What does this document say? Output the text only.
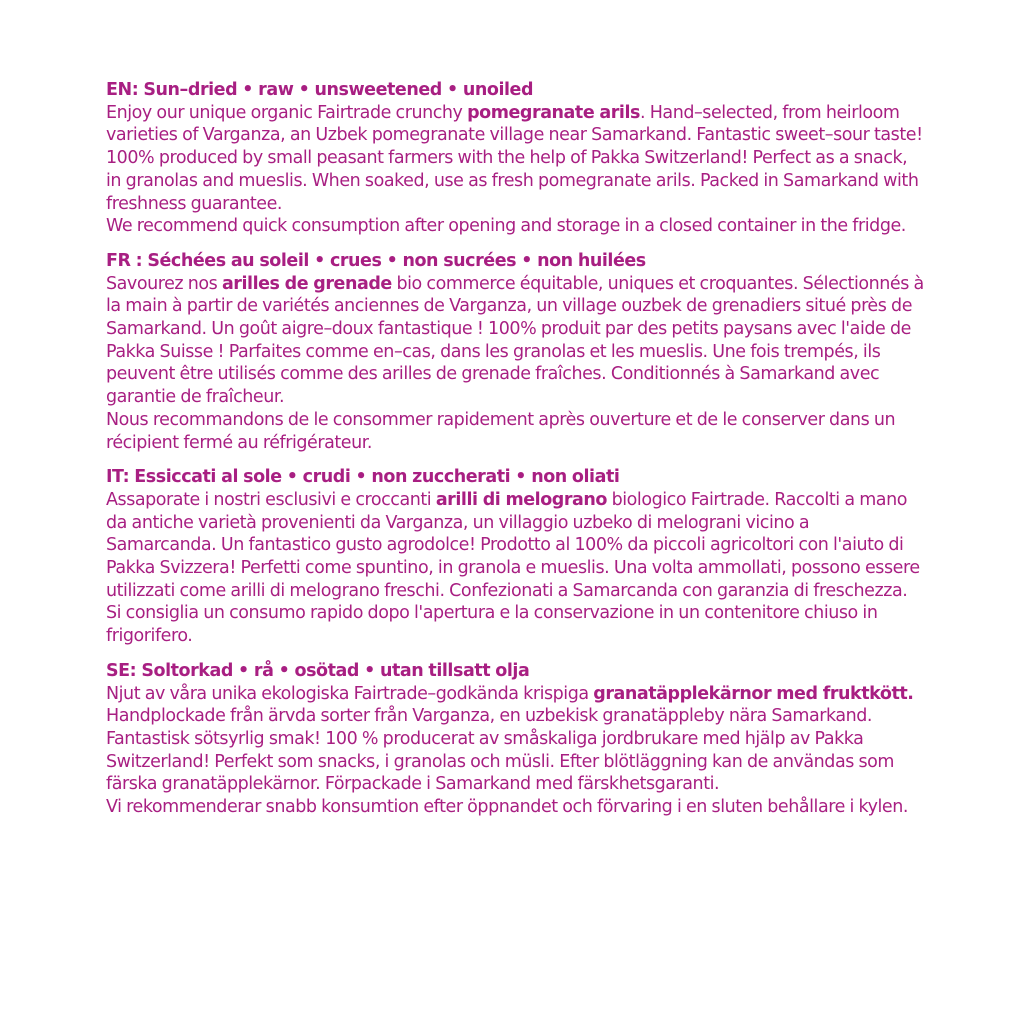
EN: Sun–dried • raw • unsweetened • unoiled

Enjoy our unique organic Fairtrade crunchy pomegranate arils. Hand–selected, from heirloom varieties of Varganza, an Uzbek pomegranate village near Samarkand. Fantastic sweet–sour taste! 100% produced by small peasant farmers with the help of Pakka Switzerland! Perfect as a snack, in granolas and mueslis. When soaked, use as fresh pomegranate arils. Packed in Samarkand with freshness guarantee.

We recommend quick consumption after opening and storage in a closed container in the fridge.

FR : Séchées au soleil • crues • non sucrées • non huilées

Savourez nos arilles de grenade bio commerce équitable, uniques et croquantes. Sélectionnés à la main à partir de variétés anciennes de Varganza, un village ouzbek de grenadiers situé près de Samarkand. Un goût aigre–doux fantastique ! 100% produit par des petits paysans avec l'aide de Pakka Suisse ! Parfaites comme en–cas, dans les granolas et les mueslis. Une fois trempés, ils peuvent être utilisés comme des arilles de grenade fraîches. Conditionnés à Samarkand avec garantie de fraîcheur.

Nous recommandons de le consommer rapidement après ouverture et de le conserver dans un récipient fermé au réfrigérateur.

IT: Essiccati al sole • crudi • non zuccherati • non oliati

Assaporate i nostri esclusivi e croccanti arilli di melograno biologico Fairtrade. Raccolti a mano da antiche varietà provenienti da Varganza, un villaggio uzbeko di melograni vicino a Samarcanda. Un fantastico gusto agrodolce! Prodotto al 100% da piccoli agricoltori con l'aiuto di Pakka Svizzera! Perfetti come spuntino, in granola e mueslis. Una volta ammollati, possono essere utilizzati come arilli di melograno freschi. Confezionati a Samarcanda con garanzia di freschezza.

Si consiglia un consumo rapido dopo l'apertura e la conservazione in un contenitore chiuso in frigorifero.

SE: Soltorkad • rå • osötad • utan tillsatt olja

Njut av våra unika ekologiska Fairtrade–godkända krispiga granatäpplekärnor med fruktkött. Handplockade från ärvda sorter från Varganza, en uzbekisk granatäppleby nära Samarkand. Fantastisk sötsyrlig smak! 100 % producerat av småskaliga jordbrukare med hjälp av Pakka Switzerland! Perfekt som snacks, i granolas och müsli. Efter blötläggning kan de användas som färska granatäpplekärnor. Förpackade i Samarkand med färskhetsgaranti.

Vi rekommenderar snabb konsumtion efter öppnandet och förvaring i en sluten behållare i kylen.
